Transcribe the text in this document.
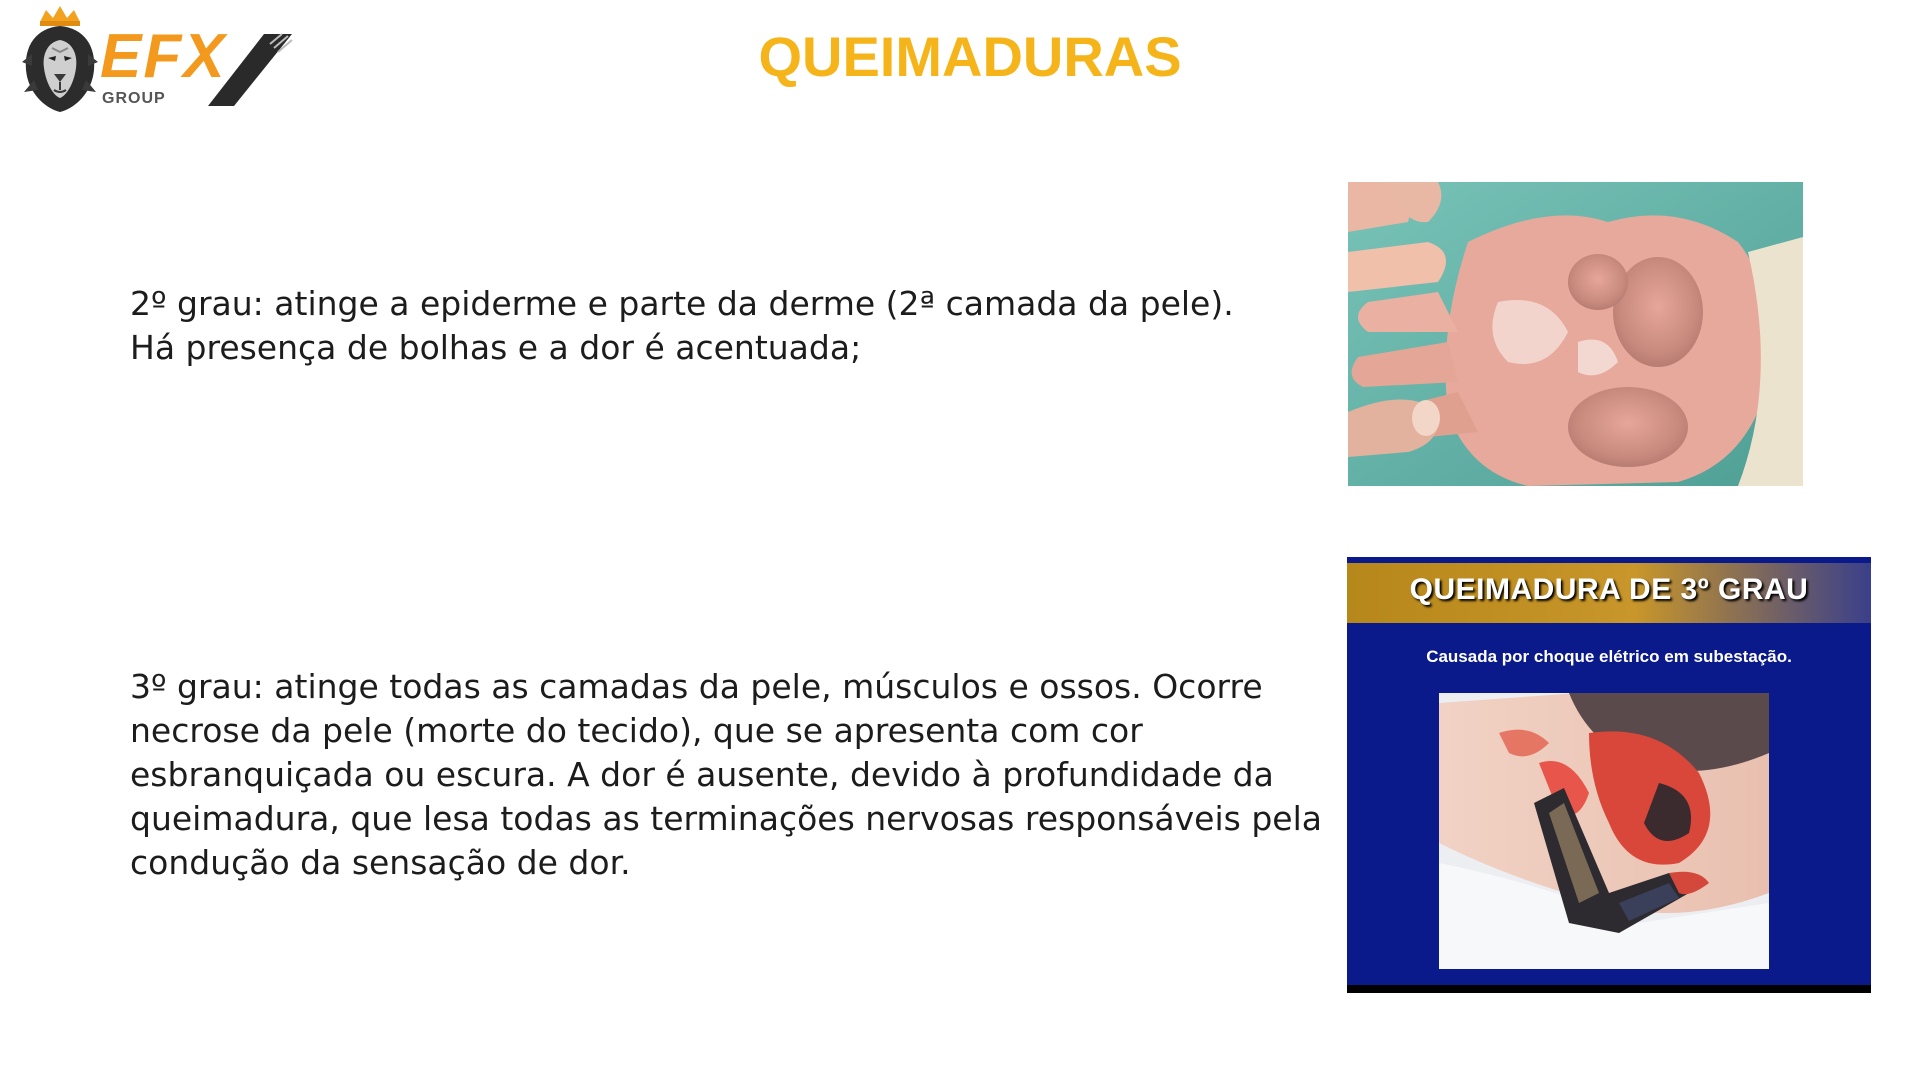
EFX
GROUP
QUEIMADURAS

2º grau: atinge a epiderme e parte da derme (2ª camada da pele). Há presença de bolhas e a dor é acentuada;

3º grau: atinge todas as camadas da pele, músculos e ossos. Ocorre necrose da pele (morte do tecido), que se apresenta com cor esbranquiçada ou escura. A dor é ausente, devido à profundidade da queimadura, que lesa todas as terminações nervosas responsáveis pela condução da sensação de dor.

QUEIMADURA DE 3º GRAU
Causada por choque elétrico em subestação.
